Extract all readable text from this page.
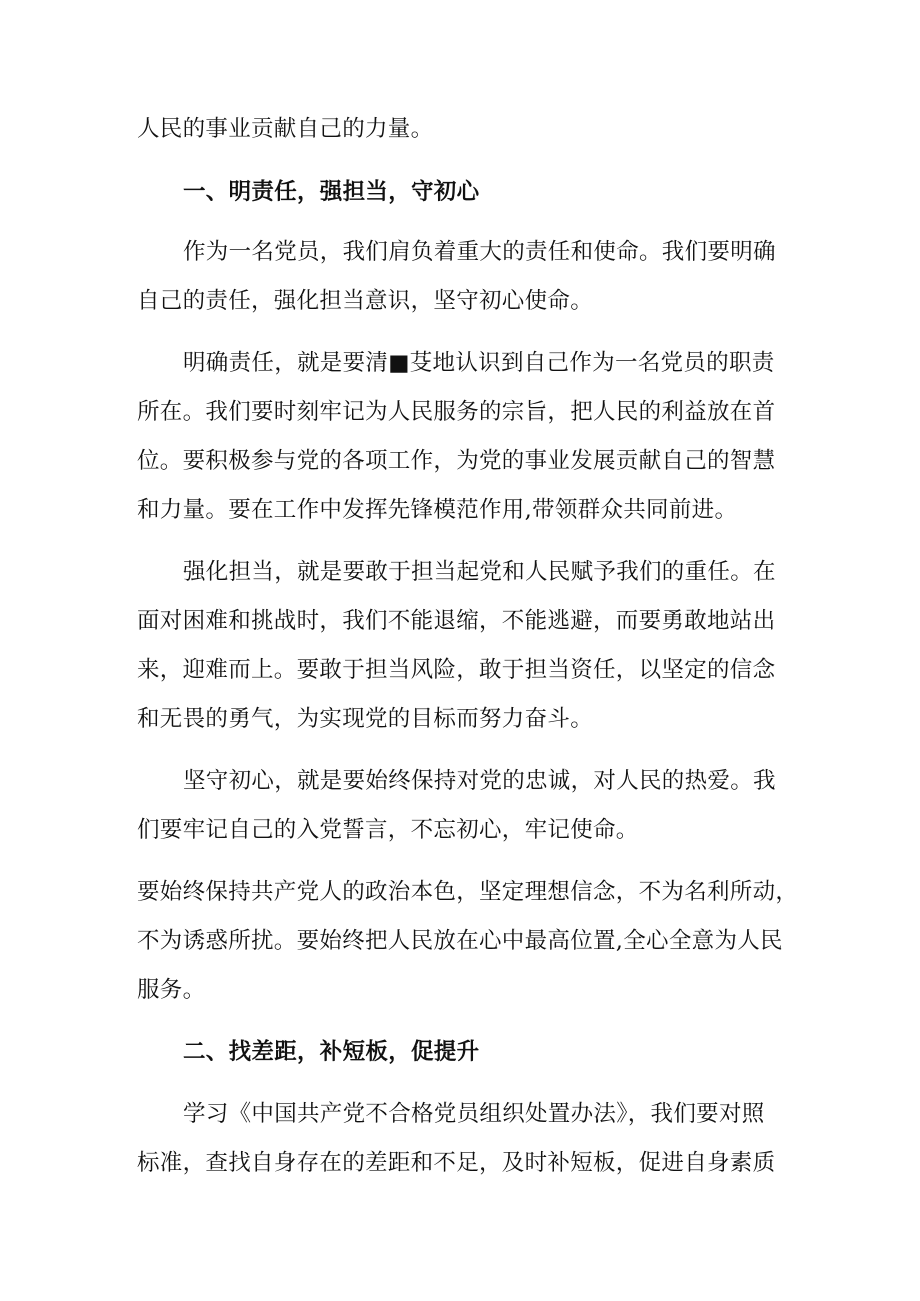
人民的事业贡献自己的力量。
一、明责任，强担当，守初心
作为一名党员，我们肩负着重大的责任和使命。我们要明确
自己的责任，强化担当意识，坚守初心使命。
明确责任，就是要清■芟地认识到自己作为一名党员的职责
所在。我们要时刻牢记为人民服务的宗旨，把人民的利益放在首
位。要积极参与党的各项工作，为党的事业发展贡献自己的智慧
和力量。要在工作中发挥先锋模范作用,带领群众共同前进。
强化担当，就是要敢于担当起党和人民赋予我们的重任。在
面对困难和挑战时，我们不能退缩，不能逃避，而要勇敢地站出
来，迎难而上。要敢于担当风险，敢于担当资任，以坚定的信念
和无畏的勇气，为实现党的目标而努力奋斗。
坚守初心，就是要始终保持对党的忠诚，对人民的热爱。我
们要牢记自己的入党誓言，不忘初心，牢记使命。
要始终保持共产党人的政治本色，坚定理想信念，不为名利所动，
不为诱惑所扰。要始终把人民放在心中最高位置,全心全意为人民
服务。
二、找差距，补短板，促提升
学习《中国共产党不合格党员组织处置办法》，我们要对照
标准，查找自身存在的差距和不足，及时补短板，促进自身素质
